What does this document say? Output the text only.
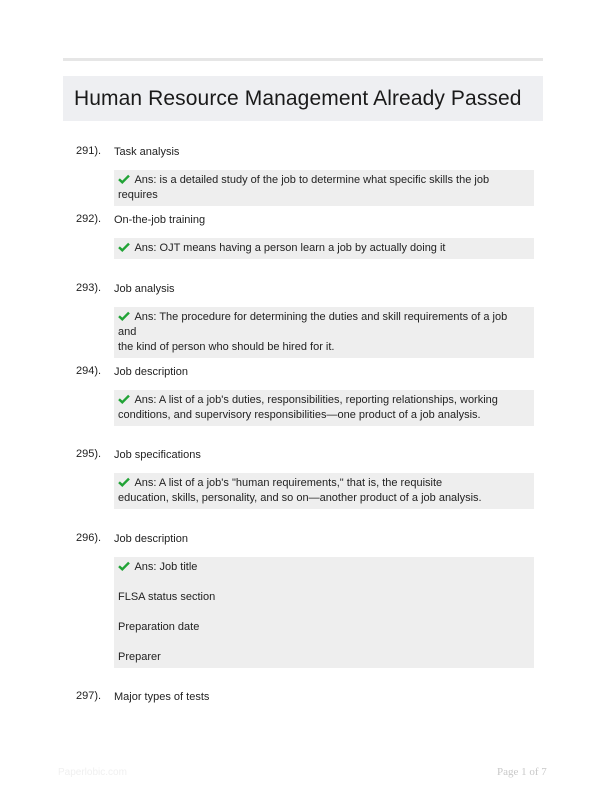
Human Resource Management Already Passed
291). Task analysis
Ans: is a detailed study of the job to determine what specific skills the job requires
292). On-the-job training
Ans: OJT means having a person learn a job by actually doing it
293). Job analysis
Ans: The procedure for determining the duties and skill requirements of a job and
the kind of person who should be hired for it.
294). Job description
Ans: A list of a job's duties, responsibilities, reporting relationships, working
conditions, and supervisory responsibilities—one product of a job analysis.
295). Job specifications
Ans: A list of a job's "human requirements," that is, the requisite
education, skills, personality, and so on—another product of a job analysis.
296). Job description
Ans: Job title
FLSA status section
Preparation date
Preparer
297). Major types of tests
Paperlobic.com	Page 1 of 7
